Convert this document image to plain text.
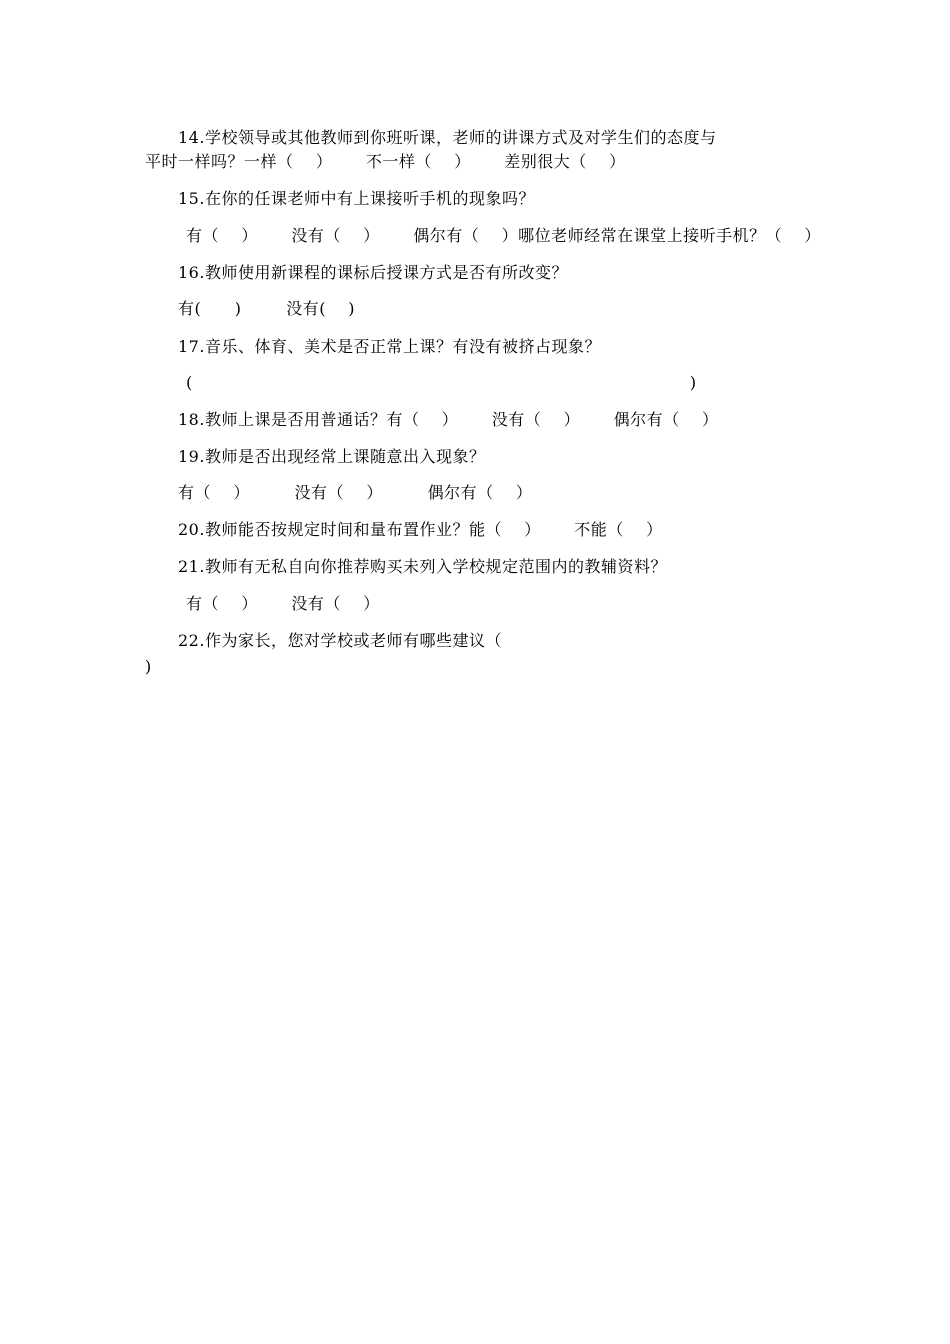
14.学校领导或其他教师到你班听课，老师的讲课方式及对学生们的态度与
平时一样吗？一样（    ）      不一样（    ）      差别很大（    ）
15.在你的任课老师中有上课接听手机的现象吗？
有（    ）      没有（    ）      偶尔有（    ）哪位老师经常在课堂上接听手机？（    ）
16.教师使用新课程的课标后授课方式是否有所改变？
有(      )        没有(    )
17.音乐、体育、美术是否正常上课？有没有被挤占现象？
(                                                                                         )
18.教师上课是否用普通话？有（    ）      没有（    ）      偶尔有（    ）
19.教师是否出现经常上课随意出入现象？
有（    ）        没有（    ）        偶尔有（    ）
20.教师能否按规定时间和量布置作业？能（    ）      不能（    ）
21.教师有无私自向你推荐购买未列入学校规定范围内的教辅资料？
有（    ）      没有（    ）
22.作为家长，您对学校或老师有哪些建议（
)
